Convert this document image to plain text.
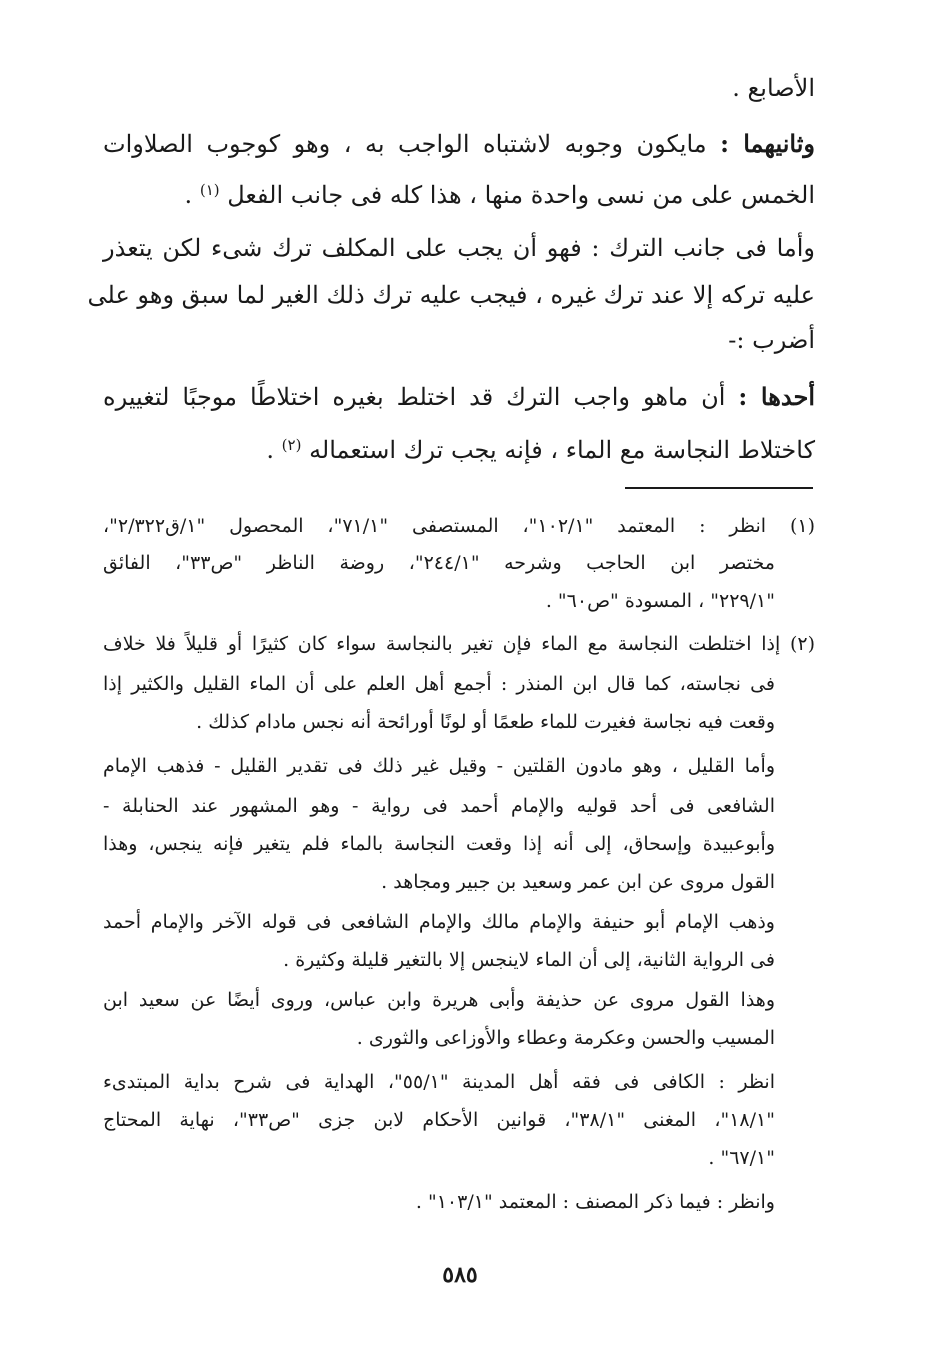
الأصابع .
وثانيهما : مايكون وجوبه لاشتباه الواجب به ، وهو كوجوب الصلاوات
الخمس على من نسى واحدة منها ، هذا كله فى جانب الفعل $^{(١)}$ .
وأما فى جانب الترك : فهو أن يجب على المكلف ترك شىء لكن يتعذر
عليه تركه إلا عند ترك غيره ، فيجب عليه ترك ذلك الغير لما سبق وهو على
أضرب :-
أحدها : أن ماهو واجب الترك قد اختلط بغيره اختلاطًا موجبًا لتغييره
كاختلاط النجاسة مع الماء ، فإنه يجب ترك استعماله $^{(٢)}$ .
(١) انظر : المعتمد "١٠٢/١"، المستصفى "٧١/١"، المحصول "١/ق٢/٣٢٢"،
مختصر ابن الحاجب وشرحه "٢٤٤/١"، روضة الناظر "ص٣٣"، الفائق
"٢٢٩/١" ، المسودة "ص٦٠" .
(٢) إذا اختلطت النجاسة مع الماء فإن تغير بالنجاسة سواء كان كثيرًا أو قليلاً فلا خلاف
فى نجاسته، كما قال ابن المنذر : أجمع أهل العلم على أن الماء القليل والكثير إذا
وقعت فيه نجاسة فغيرت للماء طعمًا أو لونًا أورائحة أنه نجس مادام كذلك .
وأما القليل ، وهو مادون القلتين - وقيل غير ذلك فى تقدير القليل - فذهب الإمام
الشافعى فى أحد قوليه والإمام أحمد فى رواية - وهو المشهور عند الحنابلة -
وأبوعبيدة وإسحاق، إلى أنه إذا وقعت النجاسة بالماء فلم يتغير فإنه ينجس، وهذا
القول مروى عن ابن عمر وسعيد بن جبير ومجاهد .
وذهب الإمام أبو حنيفة والإمام مالك والإمام الشافعى فى قوله الآخر والإمام أحمد
فى الرواية الثانية، إلى أن الماء لاينجس إلا بالتغير قليلة وكثيرة .
وهذا القول مروى عن حذيفة وأبى هريرة وابن عباس، وروى أيضًا عن سعيد ابن
المسيب والحسن وعكرمة وعطاء والأوزاعى والثورى .
انظر : الكافى فى فقه أهل المدينة "٥٥/١"، الهداية فى شرح بداية المبتدىء
"١٨/١"، المغنى "٣٨/١"، قوانين الأحكام لابن جزى "ص٣٣"، نهاية المحتاج
"٦٧/١" .
وانظر : فيما ذكر المصنف : المعتمد "١٠٣/١" .
٥٨٥
